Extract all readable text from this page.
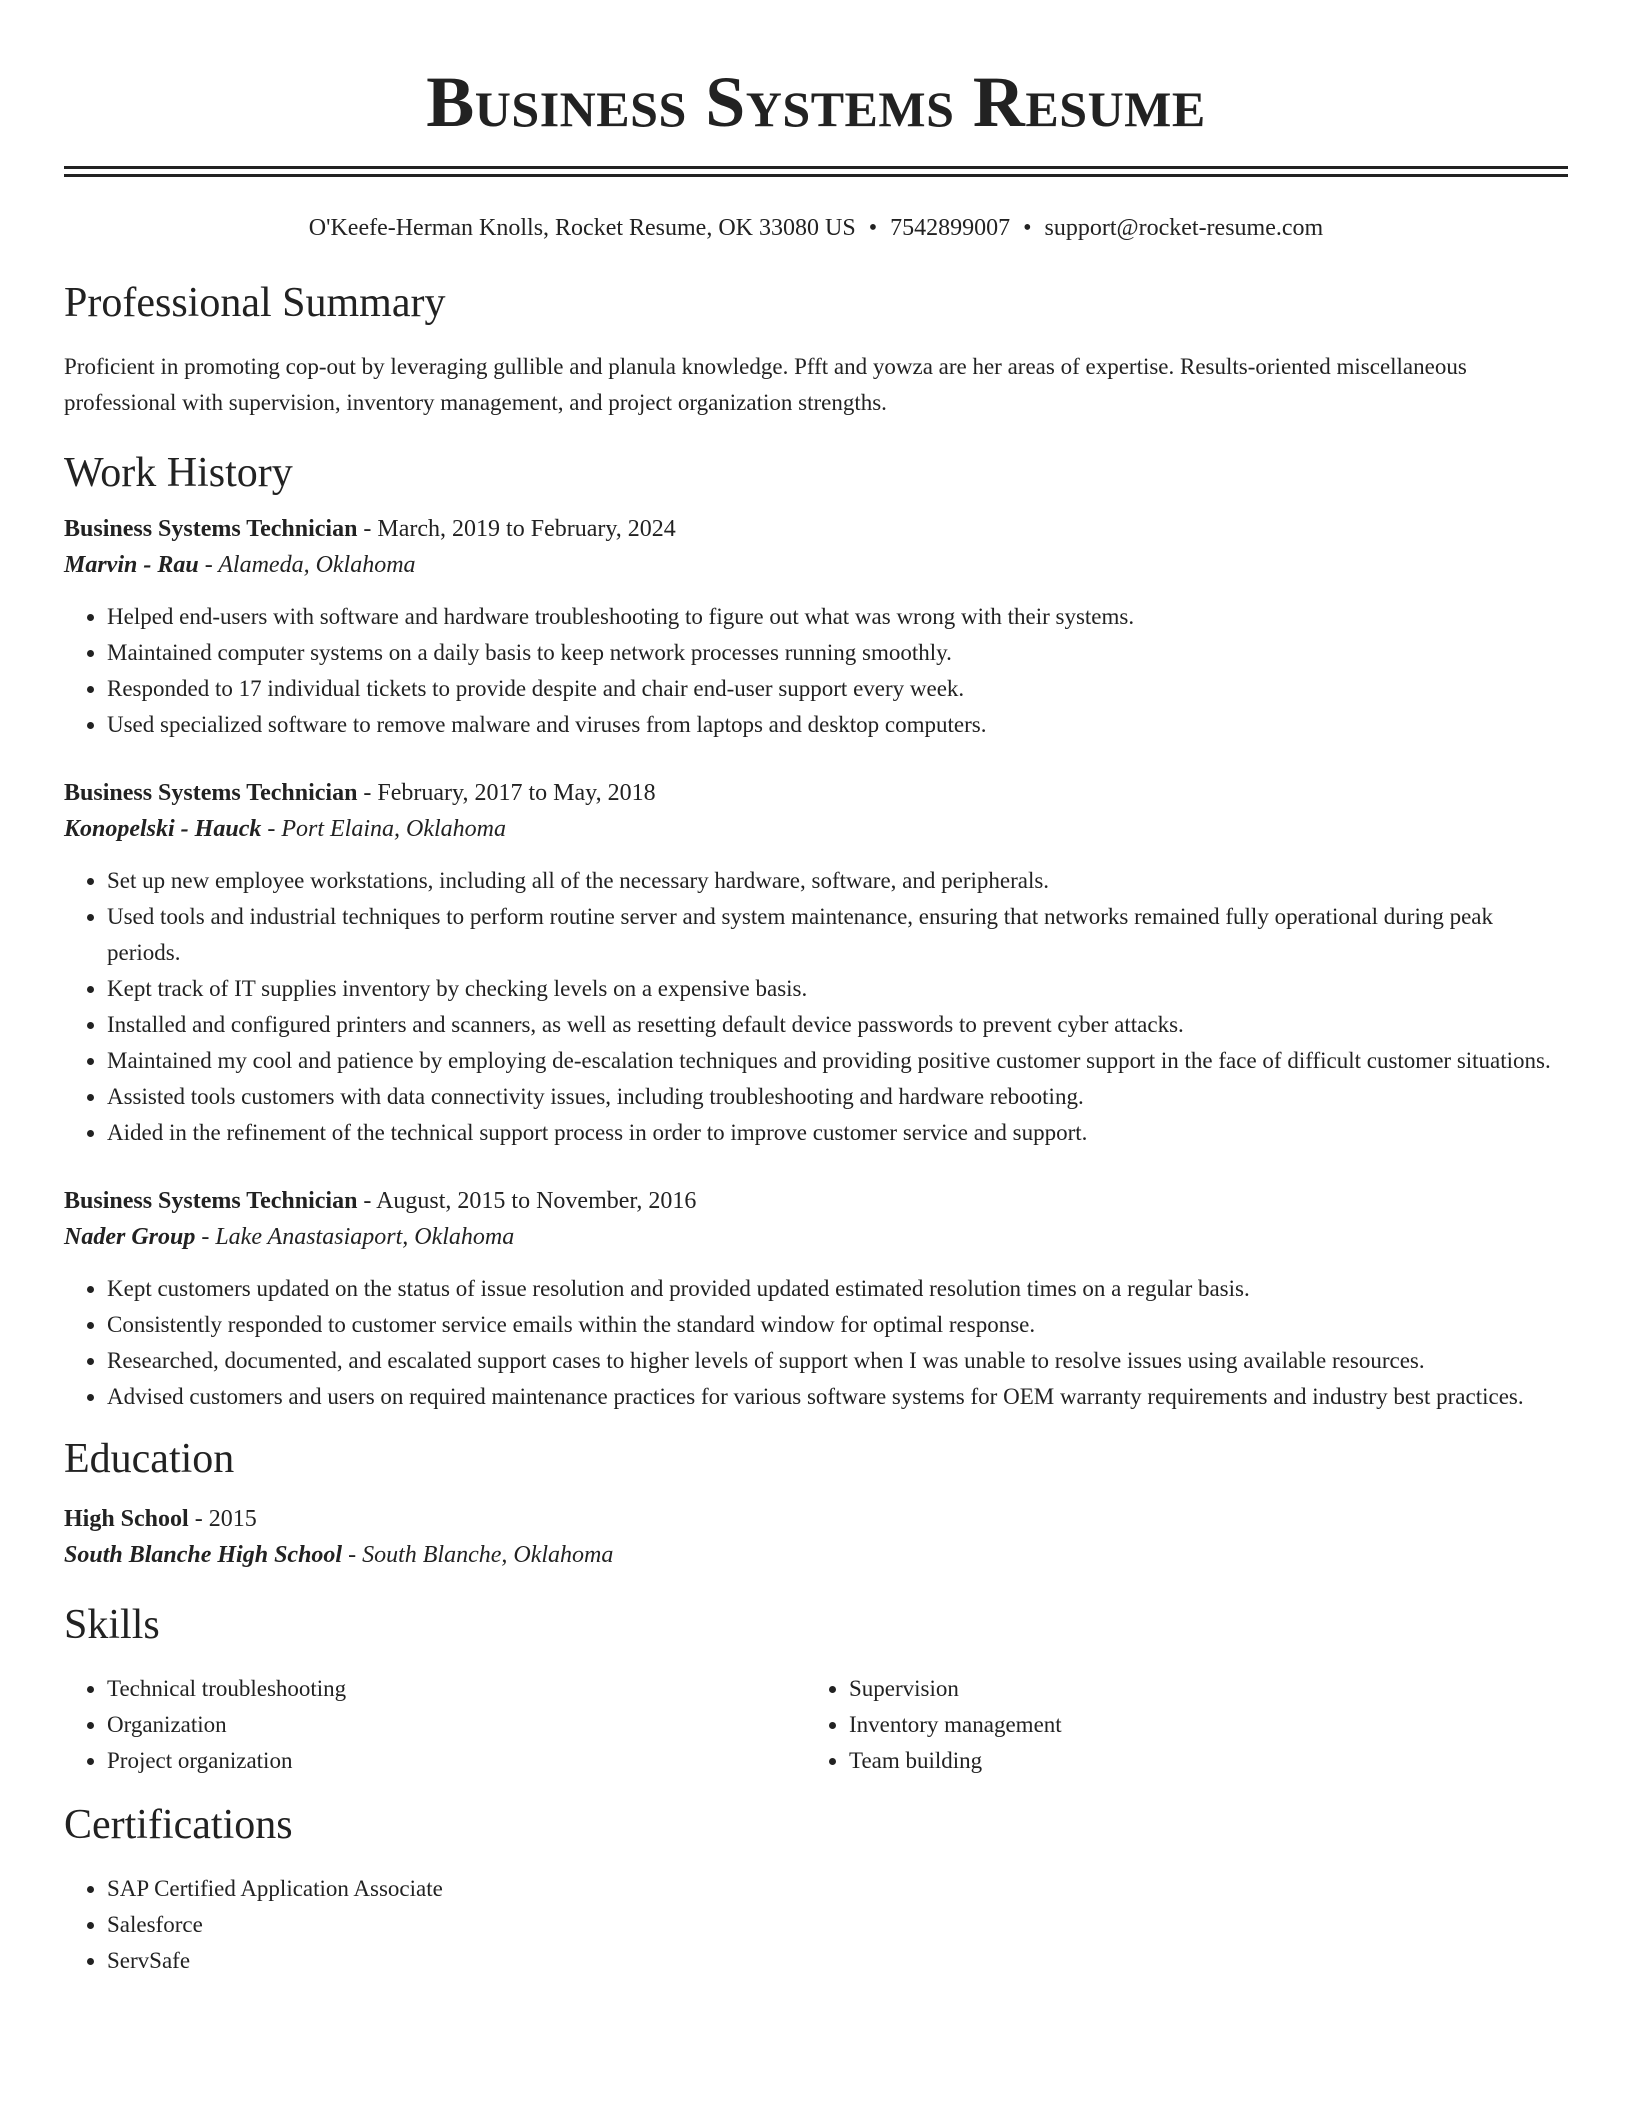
Business Systems Resume
O'Keefe-Herman Knolls, Rocket Resume, OK 33080 US • 7542899007 • support@rocket-resume.com
Professional Summary
Proficient in promoting cop-out by leveraging gullible and planula knowledge. Pfft and yowza are her areas of expertise. Results-oriented miscellaneous professional with supervision, inventory management, and project organization strengths.
Work History
Business Systems Technician - March, 2019 to February, 2024
Marvin - Rau - Alameda, Oklahoma
• Helped end-users with software and hardware troubleshooting to figure out what was wrong with their systems.
• Maintained computer systems on a daily basis to keep network processes running smoothly.
• Responded to 17 individual tickets to provide despite and chair end-user support every week.
• Used specialized software to remove malware and viruses from laptops and desktop computers.
Business Systems Technician - February, 2017 to May, 2018
Konopelski - Hauck - Port Elaina, Oklahoma
• Set up new employee workstations, including all of the necessary hardware, software, and peripherals.
• Used tools and industrial techniques to perform routine server and system maintenance, ensuring that networks remained fully operational during peak periods.
• Kept track of IT supplies inventory by checking levels on a expensive basis.
• Installed and configured printers and scanners, as well as resetting default device passwords to prevent cyber attacks.
• Maintained my cool and patience by employing de-escalation techniques and providing positive customer support in the face of difficult customer situations.
• Assisted tools customers with data connectivity issues, including troubleshooting and hardware rebooting.
• Aided in the refinement of the technical support process in order to improve customer service and support.
Business Systems Technician - August, 2015 to November, 2016
Nader Group - Lake Anastasiaport, Oklahoma
• Kept customers updated on the status of issue resolution and provided updated estimated resolution times on a regular basis.
• Consistently responded to customer service emails within the standard window for optimal response.
• Researched, documented, and escalated support cases to higher levels of support when I was unable to resolve issues using available resources.
• Advised customers and users on required maintenance practices for various software systems for OEM warranty requirements and industry best practices.
Education
High School - 2015
South Blanche High School - South Blanche, Oklahoma
Skills
• Technical troubleshooting
• Organization
• Project organization
• Supervision
• Inventory management
• Team building
Certifications
• SAP Certified Application Associate
• Salesforce
• ServSafe
